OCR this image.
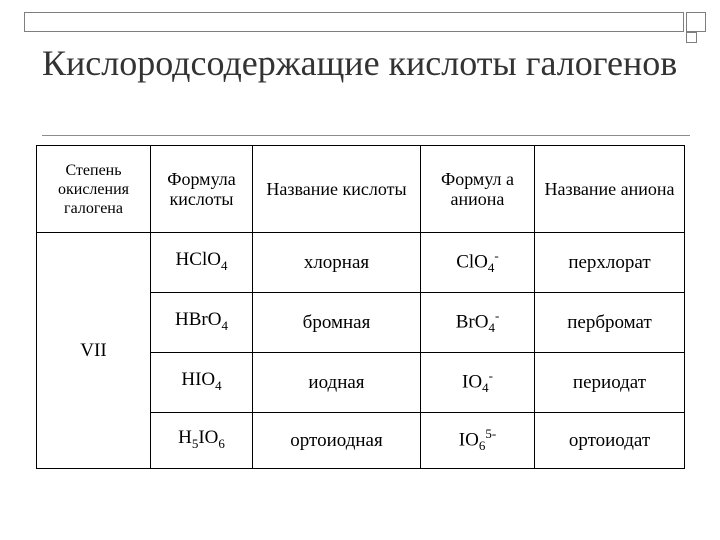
Кислородсодержащие кислоты галогенов
Степень окисления галогена	Формула кислоты	Название кислоты	Формул а аниона	Название аниона
VII	HClO$_4$	хлорная	ClO$_4$-	перхлорат
	HBrO$_4$	бромная	BrO$_4$-	пербромат
	$HIO_4$	иодная	$IO_4^-$	периодат
	$H_5IO_6$	ортоиодная	$IO_6^{5-}$	ортоиодат
